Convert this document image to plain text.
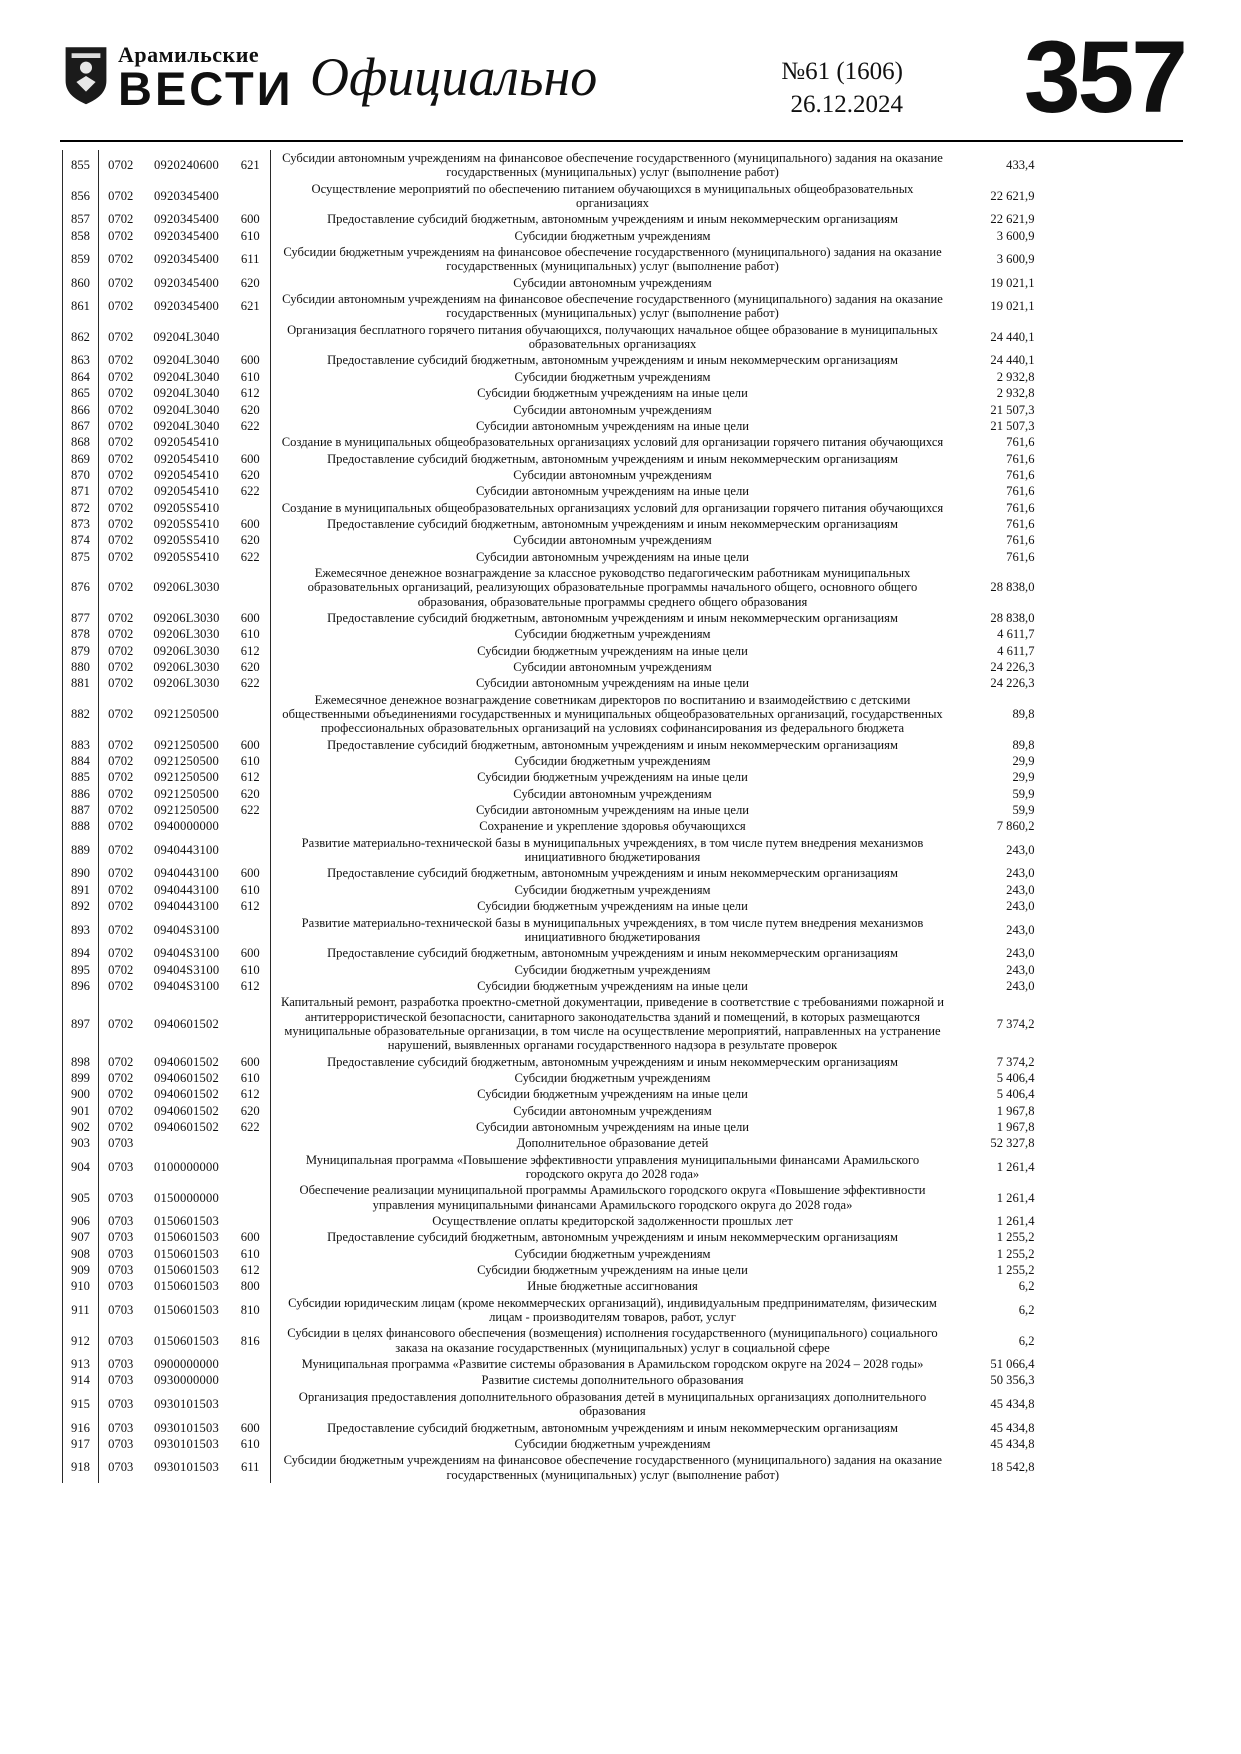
Арамильские
ВЕСТИ Официально	№61 (1606)
26.12.2024 357
855	0702	0920240600	621	Субсидии автономным учреждениям на финансовое обеспечение государственного (муниципального) задания на оказание государственных (муниципальных) услуг (выполнение работ)	433,4
856	0702	0920345400		Осуществление мероприятий по обеспечению питанием обучающихся в муниципальных общеобразовательных организациях	22 621,9
857	0702	0920345400	600	Предоставление субсидий бюджетным, автономным учреждениям и иным некоммерческим организациям	22 621,9
858	0702	0920345400	610	Субсидии бюджетным учреждениям	3 600,9
859	0702	0920345400	611	Субсидии бюджетным учреждениям на финансовое обеспечение государственного (муниципального) задания на оказание государственных (муниципальных) услуг (выполнение работ)	3 600,9
860	0702	0920345400	620	Субсидии автономным учреждениям	19 021,1
861	0702	0920345400	621	Субсидии автономным учреждениям на финансовое обеспечение государственного (муниципального) задания на оказание государственных (муниципальных) услуг (выполнение работ)	19 021,1
862	0702	09204L3040		Организация бесплатного горячего питания обучающихся, получающих начальное общее образование в муниципальных образовательных организациях	24 440,1
863	0702	09204L3040	600	Предоставление субсидий бюджетным, автономным учреждениям и иным некоммерческим организациям	24 440,1
864	0702	09204L3040	610	Субсидии бюджетным учреждениям	2 932,8
865	0702	09204L3040	612	Субсидии бюджетным учреждениям на иные цели	2 932,8
866	0702	09204L3040	620	Субсидии автономным учреждениям	21 507,3
867	0702	09204L3040	622	Субсидии автономным учреждениям на иные цели	21 507,3
868	0702	0920545410		Создание в муниципальных общеобразовательных организациях условий для организации горячего питания обучающихся	761,6
869	0702	0920545410	600	Предоставление субсидий бюджетным, автономным учреждениям и иным некоммерческим организациям	761,6
870	0702	0920545410	620	Субсидии автономным учреждениям	761,6
871	0702	0920545410	622	Субсидии автономным учреждениям на иные цели	761,6
872	0702	09205S5410		Создание в муниципальных общеобразовательных организациях условий для организации горячего питания обучающихся	761,6
873	0702	09205S5410	600	Предоставление субсидий бюджетным, автономным учреждениям и иным некоммерческим организациям	761,6
874	0702	09205S5410	620	Субсидии автономным учреждениям	761,6
875	0702	09205S5410	622	Субсидии автономным учреждениям на иные цели	761,6
876	0702	09206L3030		Ежемесячное денежное вознаграждение за классное руководство педагогическим работникам муниципальных образовательных организаций, реализующих образовательные программы начального общего, основного общего образования, образовательные программы среднего общего образования	28 838,0
877	0702	09206L3030	600	Предоставление субсидий бюджетным, автономным учреждениям и иным некоммерческим организациям	28 838,0
878	0702	09206L3030	610	Субсидии бюджетным учреждениям	4 611,7
879	0702	09206L3030	612	Субсидии бюджетным учреждениям на иные цели	4 611,7
880	0702	09206L3030	620	Субсидии автономным учреждениям	24 226,3
881	0702	09206L3030	622	Субсидии автономным учреждениям на иные цели	24 226,3
882	0702	0921250500		Ежемесячное денежное вознаграждение советникам директоров по воспитанию и взаимодействию с детскими общественными объединениями государственных и муниципальных общеобразовательных организаций, государственных профессиональных образовательных организаций на условиях софинансирования из федерального бюджета	89,8
883	0702	0921250500	600	Предоставление субсидий бюджетным, автономным учреждениям и иным некоммерческим организациям	89,8
884	0702	0921250500	610	Субсидии бюджетным учреждениям	29,9
885	0702	0921250500	612	Субсидии бюджетным учреждениям на иные цели	29,9
886	0702	0921250500	620	Субсидии автономным учреждениям	59,9
887	0702	0921250500	622	Субсидии автономным учреждениям на иные цели	59,9
888	0702	0940000000		Сохранение и укрепление здоровья обучающихся	7 860,2
889	0702	0940443100		Развитие материально-технической базы в муниципальных учреждениях, в том числе путем внедрения механизмов инициативного бюджетирования	243,0
890	0702	0940443100	600	Предоставление субсидий бюджетным, автономным учреждениям и иным некоммерческим организациям	243,0
891	0702	0940443100	610	Субсидии бюджетным учреждениям	243,0
892	0702	0940443100	612	Субсидии бюджетным учреждениям на иные цели	243,0
893	0702	09404S3100		Развитие материально-технической базы в муниципальных учреждениях, в том числе путем внедрения механизмов инициативного бюджетирования	243,0
894	0702	09404S3100	600	Предоставление субсидий бюджетным, автономным учреждениям и иным некоммерческим организациям	243,0
895	0702	09404S3100	610	Субсидии бюджетным учреждениям	243,0
896	0702	09404S3100	612	Субсидии бюджетным учреждениям на иные цели	243,0
897	0702	0940601502		Капитальный ремонт, разработка проектно-сметной документации, приведение в соответствие с требованиями пожарной и антитеррористической безопасности, санитарного законодательства зданий и помещений, в которых размещаются муниципальные образовательные организации, в том числе на осуществление мероприятий, направленных на устранение нарушений, выявленных органами государственного надзора в результате проверок	7 374,2
898	0702	0940601502	600	Предоставление субсидий бюджетным, автономным учреждениям и иным некоммерческим организациям	7 374,2
899	0702	0940601502	610	Субсидии бюджетным учреждениям	5 406,4
900	0702	0940601502	612	Субсидии бюджетным учреждениям на иные цели	5 406,4
901	0702	0940601502	620	Субсидии автономным учреждениям	1 967,8
902	0702	0940601502	622	Субсидии автономным учреждениям на иные цели	1 967,8
903	0703			Дополнительное образование детей	52 327,8
904	0703	0100000000		Муниципальная программа «Повышение эффективности управления муниципальными финансами Арамильского городского округа до 2028 года»	1 261,4
905	0703	0150000000		Обеспечение реализации муниципальной программы Арамильского городского округа «Повышение эффективности управления муниципальными финансами Арамильского городского округа до 2028 года»	1 261,4
906	0703	0150601503		Осуществление оплаты кредиторской задолженности прошлых лет	1 261,4
907	0703	0150601503	600	Предоставление субсидий бюджетным, автономным учреждениям и иным некоммерческим организациям	1 255,2
908	0703	0150601503	610	Субсидии бюджетным учреждениям	1 255,2
909	0703	0150601503	612	Субсидии бюджетным учреждениям на иные цели	1 255,2
910	0703	0150601503	800	Иные бюджетные ассигнования	6,2
911	0703	0150601503	810	Субсидии юридическим лицам (кроме некоммерческих организаций), индивидуальным предпринимателям, физическим лицам - производителям товаров, работ, услуг	6,2
912	0703	0150601503	816	Субсидии в целях финансового обеспечения (возмещения) исполнения государственного (муниципального) социального заказа на оказание государственных (муниципальных) услуг в социальной сфере	6,2
913	0703	0900000000		Муниципальная программа «Развитие системы образования в Арамильском городском округе на 2024 – 2028 годы»	51 066,4
914	0703	0930000000		Развитие системы дополнительного образования	50 356,3
915	0703	0930101503		Организация предоставления дополнительного образования детей в муниципальных организациях дополнительного образования	45 434,8
916	0703	0930101503	600	Предоставление субсидий бюджетным, автономным учреждениям и иным некоммерческим организациям	45 434,8
917	0703	0930101503	610	Субсидии бюджетным учреждениям	45 434,8
918	0703	0930101503	611	Субсидии бюджетным учреждениям на финансовое обеспечение государственного (муниципального) задания на оказание государственных (муниципальных) услуг (выполнение работ)	18 542,8
